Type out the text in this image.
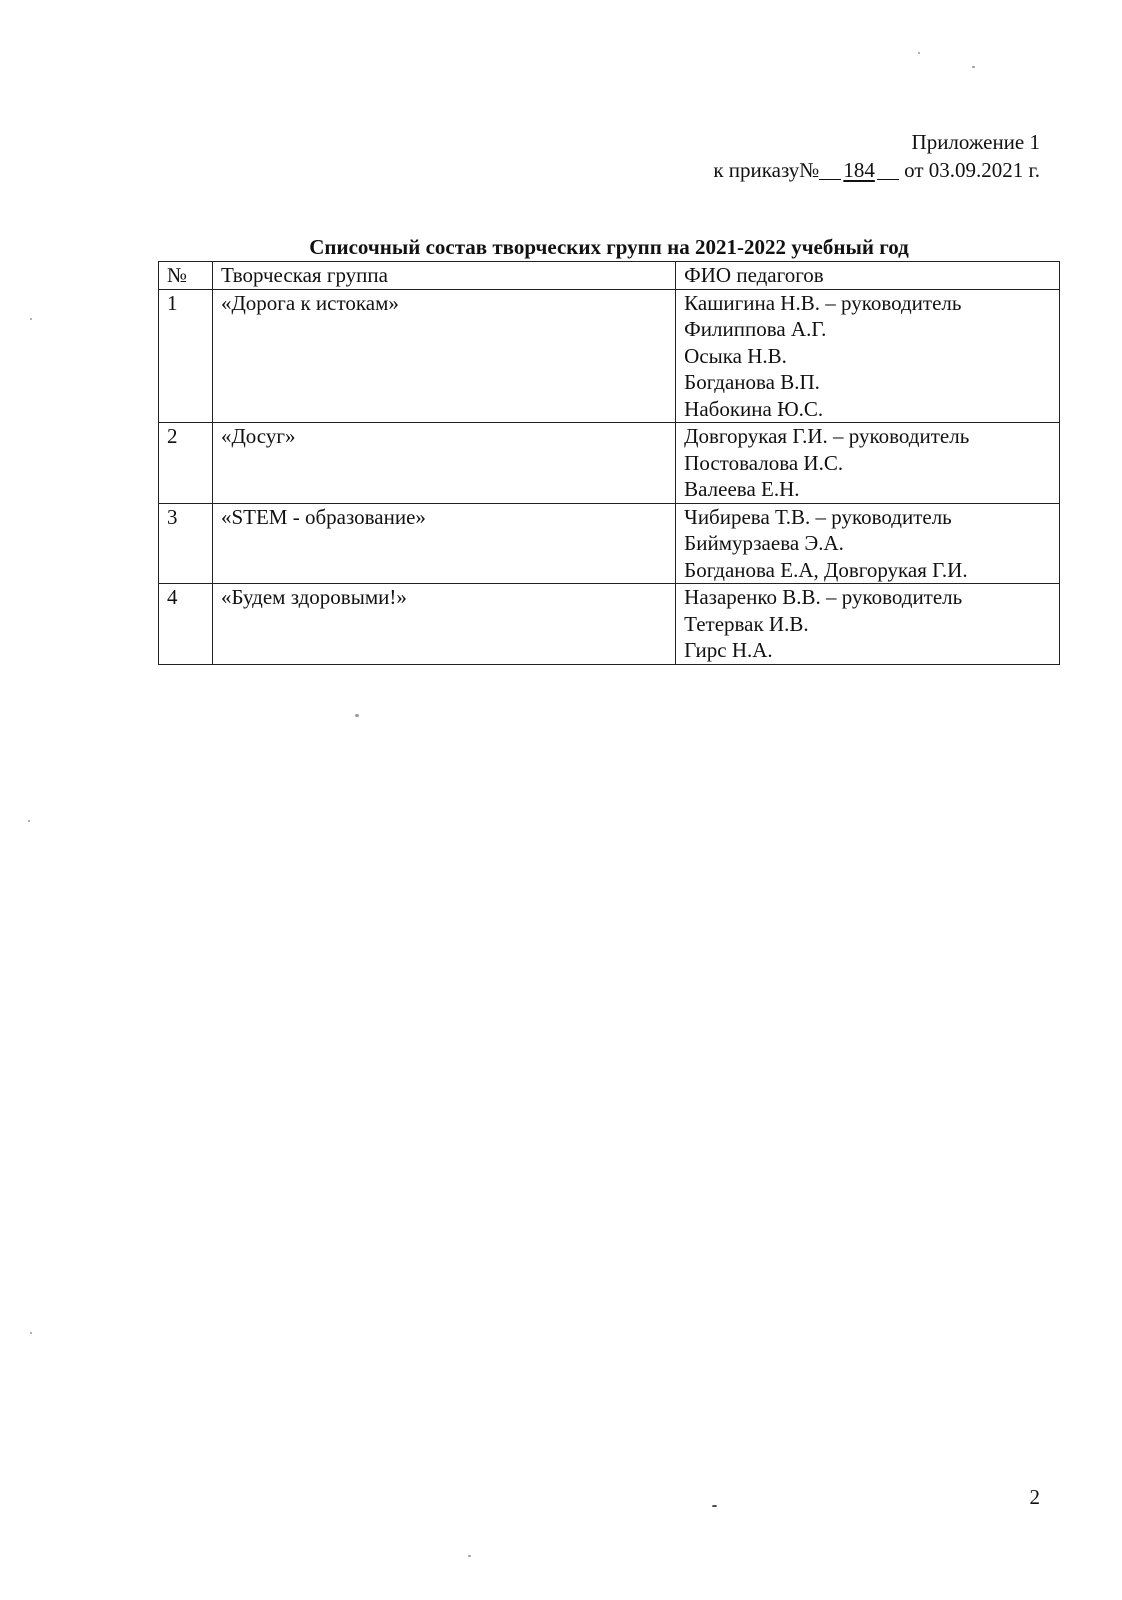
Приложение 1
к приказу№ 184 от 03.09.2021 г.
Списочный состав творческих групп на 2021-2022 учебный год
№	Творческая группа	ФИО педагогов
1	«Дорога к истокам»	Кашигина Н.В. – руководитель
Филиппова А.Г.
Осыка Н.В.
Богданова В.П.
Набокина Ю.С.

2	«Досуг»	Довгорукая Г.И. – руководитель
Постовалова И.С.
Валеева Е.Н.

3	«STEM - образование»	Чибирева Т.В. – руководитель
Биймурзаева Э.А.
Богданова Е.А, Довгорукая Г.И.

4	«Будем здоровыми!»	Назаренко В.В. – руководитель
Тетервак И.В.
Гирс Н.А.
2
